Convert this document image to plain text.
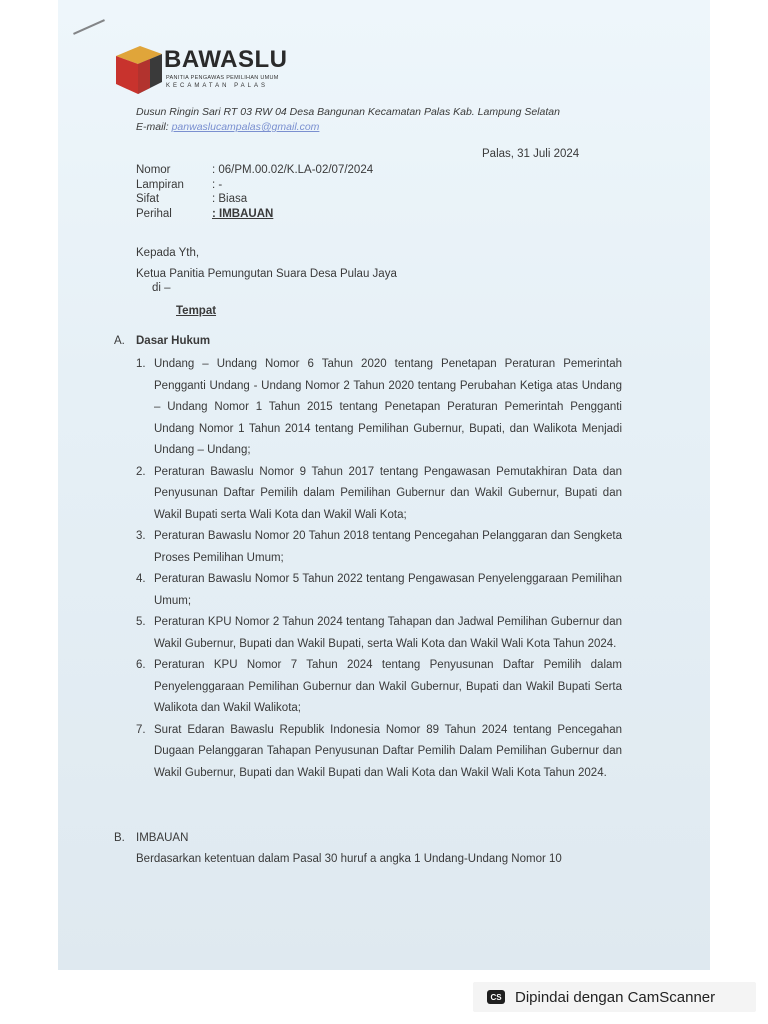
BAWASLU
PANITIA PENGAWAS PEMILIHAN UMUM
KECAMATAN PALAS
Dusun Ringin Sari RT 03 RW 04 Desa Bangunan Kecamatan Palas Kab. Lampung Selatan
E-mail: panwaslucampalas@gmail.com
Palas, 31 Juli 2024
Nomor	: 06/PM.00.02/K.LA-02/07/2024
Lampiran	: -
Sifat	: Biasa
Perihal	: IMBAUAN
Kepada Yth,
Ketua Panitia Pemungutan Suara Desa Pulau Jaya
di –
Tempat
A. Dasar Hukum
1. Undang – Undang Nomor 6 Tahun 2020 tentang Penetapan Peraturan Pemerintah Pengganti Undang - Undang Nomor 2 Tahun 2020 tentang Perubahan Ketiga atas Undang – Undang Nomor 1 Tahun 2015 tentang Penetapan Peraturan Pemerintah Pengganti Undang Nomor 1 Tahun 2014 tentang Pemilihan Gubernur, Bupati, dan Walikota Menjadi Undang – Undang;
2. Peraturan Bawaslu Nomor 9 Tahun 2017 tentang Pengawasan Pemutakhiran Data dan Penyusunan Daftar Pemilih dalam Pemilihan Gubernur dan Wakil Gubernur, Bupati dan Wakil Bupati serta Wali Kota dan Wakil Wali Kota;
3. Peraturan Bawaslu Nomor 20 Tahun 2018 tentang Pencegahan Pelanggaran dan Sengketa Proses Pemilihan Umum;
4. Peraturan Bawaslu Nomor 5 Tahun 2022 tentang Pengawasan Penyelenggaraan Pemilihan Umum;
5. Peraturan KPU Nomor 2 Tahun 2024 tentang Tahapan dan Jadwal Pemilihan Gubernur dan Wakil Gubernur, Bupati dan Wakil Bupati, serta Wali Kota dan Wakil Wali Kota Tahun 2024.
6. Peraturan KPU Nomor 7 Tahun 2024 tentang Penyusunan Daftar Pemilih dalam Penyelenggaraan Pemilihan Gubernur dan Wakil Gubernur, Bupati dan Wakil Bupati Serta Walikota dan Wakil Walikota;
7. Surat Edaran Bawaslu Republik Indonesia Nomor 89 Tahun 2024 tentang Pencegahan Dugaan Pelanggaran Tahapan Penyusunan Daftar Pemilih Dalam Pemilihan Gubernur dan Wakil Gubernur, Bupati dan Wakil Bupati dan Wali Kota dan Wakil Wali Kota Tahun 2024.
B. IMBAUAN
Berdasarkan ketentuan dalam Pasal 30 huruf a angka 1 Undang-Undang Nomor 10
CS Dipindai dengan CamScanner
